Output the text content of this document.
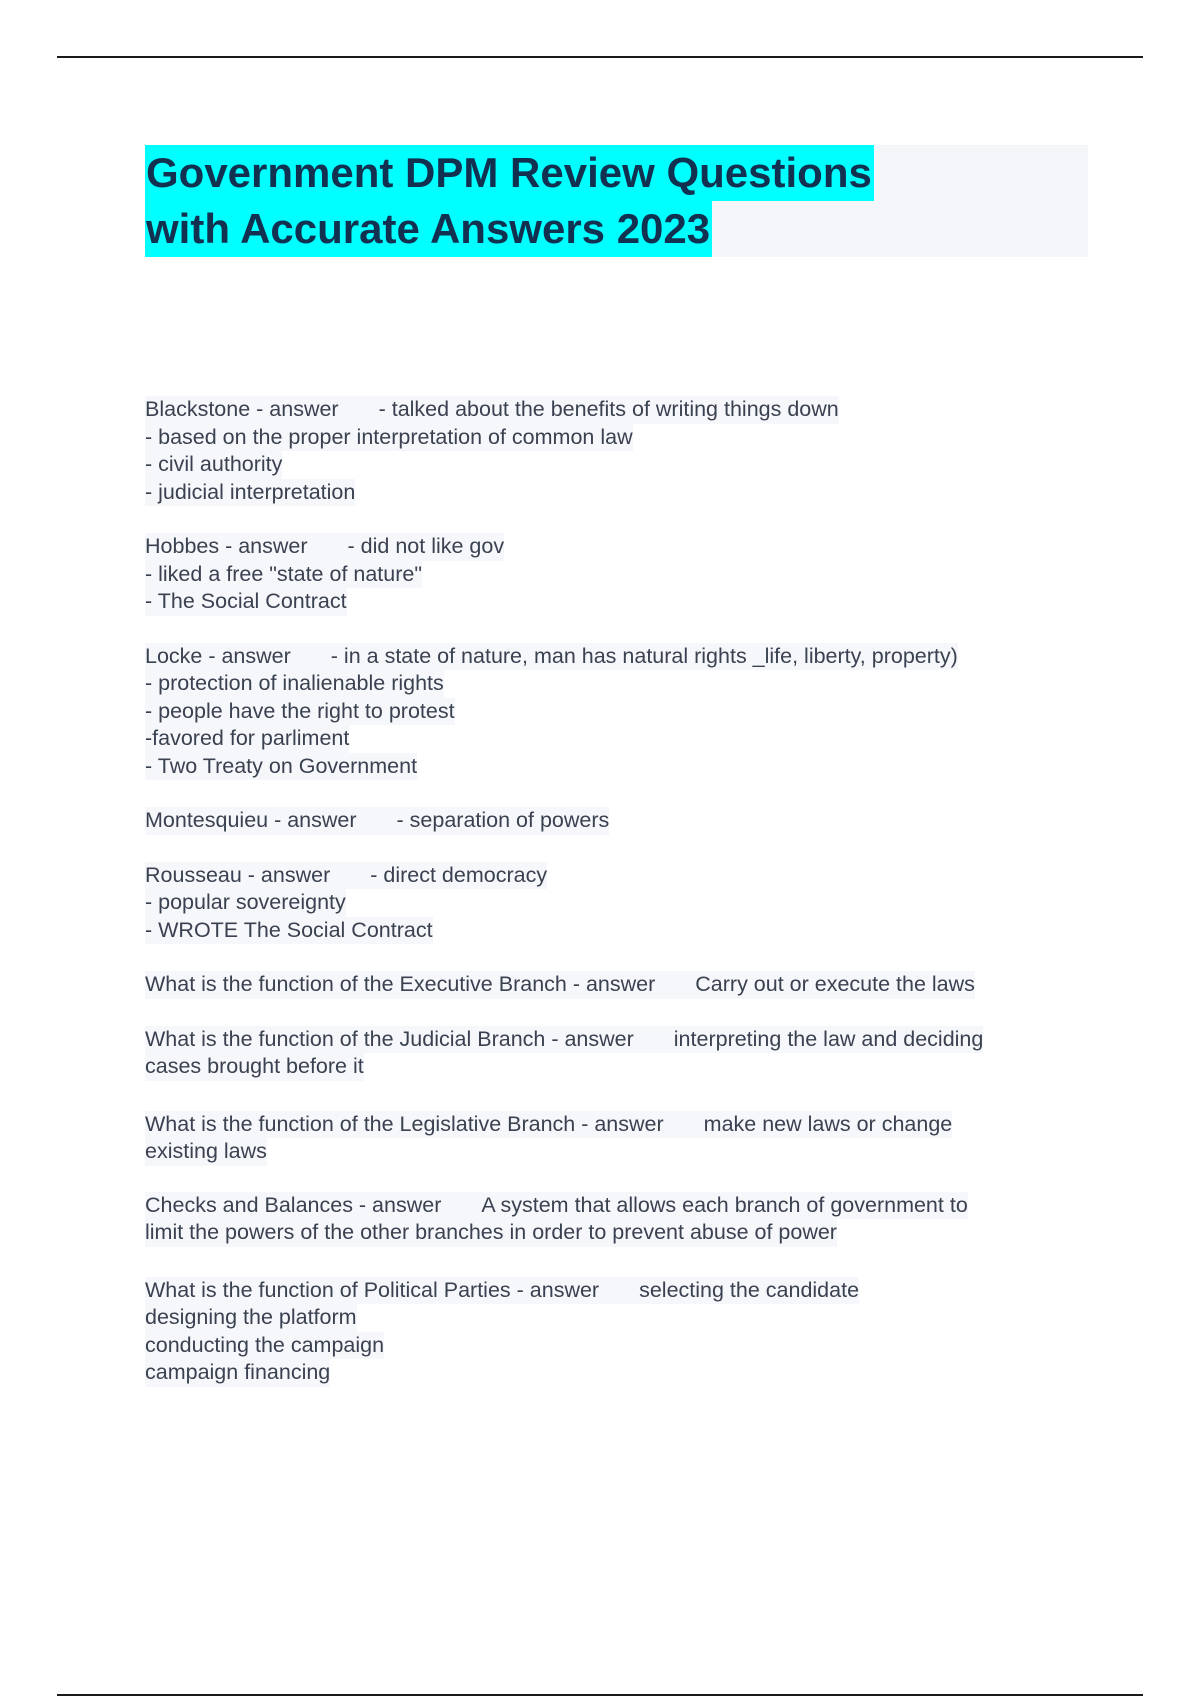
Government DPM Review Questions
with Accurate Answers 2023
Blackstone - answer - talked about the benefits of writing things down
- based on the proper interpretation of common law
- civil authority
- judicial interpretation
Hobbes - answer - did not like gov
- liked a free "state of nature"
- The Social Contract
Locke - answer - in a state of nature, man has natural rights _life, liberty, property)
- protection of inalienable rights
- people have the right to protest
-favored for parliment
- Two Treaty on Government
Montesquieu - answer - separation of powers
Rousseau - answer - direct democracy
- popular sovereignty
- WROTE The Social Contract
What is the function of the Executive Branch - answer Carry out or execute the laws
What is the function of the Judicial Branch - answer interpreting the law and deciding
cases brought before it
What is the function of the Legislative Branch - answer make new laws or change
existing laws
Checks and Balances - answer A system that allows each branch of government to
limit the powers of the other branches in order to prevent abuse of power
What is the function of Political Parties - answer selecting the candidate
designing the platform
conducting the campaign
campaign financing
